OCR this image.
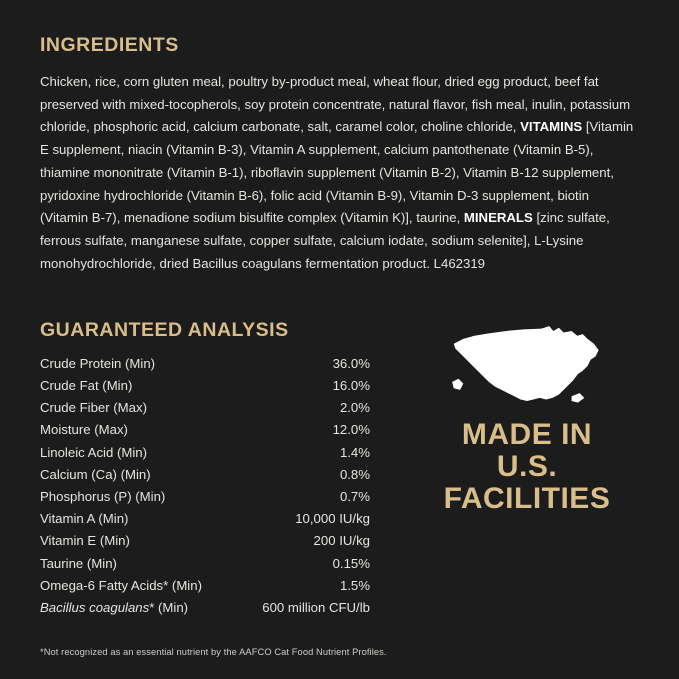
INGREDIENTS

Chicken, rice, corn gluten meal, poultry by-product meal, wheat flour, dried egg product, beef fat preserved with mixed-tocopherols, soy protein concentrate, natural flavor, fish meal, inulin, potassium chloride, phosphoric acid, calcium carbonate, salt, caramel color, choline chloride, VITAMINS [Vitamin E supplement, niacin (Vitamin B-3), Vitamin A supplement, calcium pantothenate (Vitamin B-5), thiamine mononitrate (Vitamin B-1), riboflavin supplement (Vitamin B-2), Vitamin B-12 supplement, pyridoxine hydrochloride (Vitamin B-6), folic acid (Vitamin B-9), Vitamin D-3 supplement, biotin (Vitamin B-7), menadione sodium bisulfite complex (Vitamin K)], taurine, MINERALS [zinc sulfate, ferrous sulfate, manganese sulfate, copper sulfate, calcium iodate, sodium selenite], L-Lysine monohydrochloride, dried Bacillus coagulans fermentation product. L462319

GUARANTEED ANALYSIS
Crude Protein (Min)	36.0%
Crude Fat (Min)	16.0%
Crude Fiber (Max)	2.0%
Moisture (Max)	12.0%
Linoleic Acid (Min)	1.4%
Calcium (Ca) (Min)	0.8%
Phosphorus (P) (Min)	0.7%
Vitamin A (Min)	10,000 IU/kg
Vitamin E (Min)	200 IU/kg
Taurine (Min)	0.15%
Omega-6 Fatty Acids* (Min)	1.5%
Bacillus coagulans* (Min)	600 million CFU/lb
*Not recognized as an essential nutrient by the AAFCO Cat Food Nutrient Profiles.
MADE IN
U.S.
FACILITIES
